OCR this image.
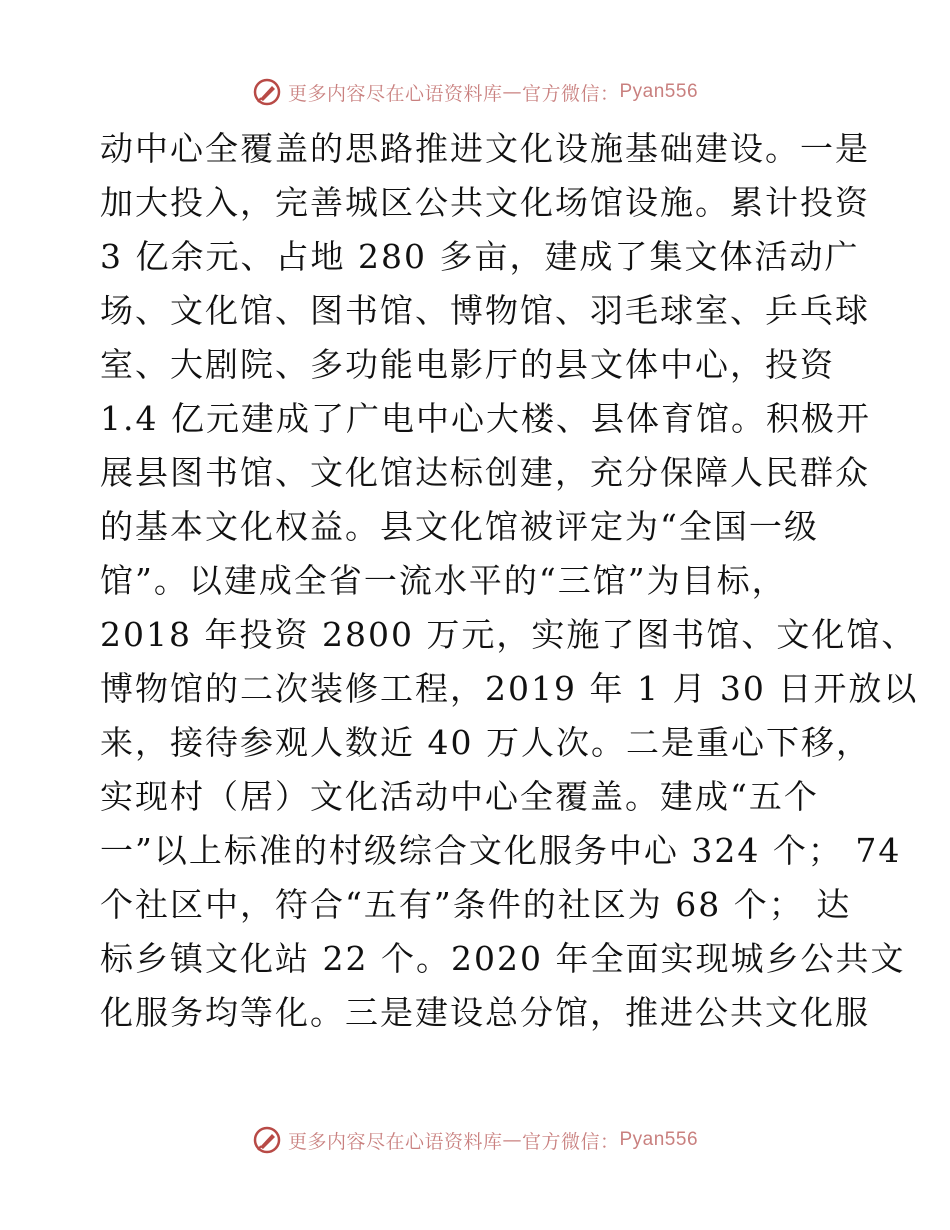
更多内容尽在心语资料库 — 官方微信： Pyan556
动中心全覆盖的思路推进文化设施基础建设。一是
加大投入，完善城区公共文化场馆设施。累计投资
3 亿余元、占地 280 多亩，建成了集文体活动广
场、文化馆、图书馆、博物馆、羽毛球室、乒乓球
室、大剧院、多功能电影厅的县文体中心，投资
1.4 亿元建成了广电中心大楼、县体育馆。积极开
展县图书馆、文化馆达标创建，充分保障人民群众
的基本文化权益。县文化馆被评定为“全国一级
馆”。以建成全省一流水平的“三馆”为目标，
2018 年投资 2800 万元，实施了图书馆、文化馆、
博物馆的二次装修工程，2019 年 1 月 30 日开放以
来，接待参观人数近 40 万人次。二是重心下移，
实现村（居）文化活动中心全覆盖。建成“五个
一”以上标准的村级综合文化服务中心 324 个； 74
个社区中，符合“五有”条件的社区为 68 个； 达
标乡镇文化站 22 个。2020 年全面实现城乡公共文
化服务均等化。三是建设总分馆，推进公共文化服
更多内容尽在心语资料库 — 官方微信： Pyan556
